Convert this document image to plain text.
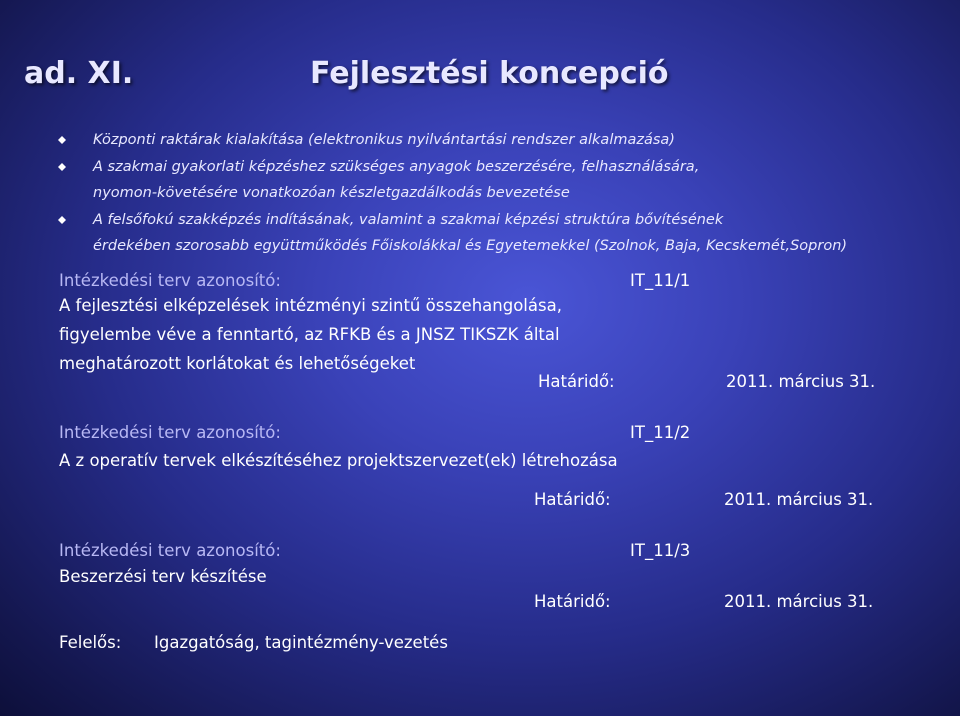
ad. XI.	Fejlesztési koncepció
Központi raktárak kialakítása (elektronikus nyilvántartási rendszer alkalmazása)
A szakmai gyakorlati képzéshez szükséges anyagok beszerzésére, felhasználására,
nyomon-követésére vonatkozóan készletgazdálkodás bevezetése
A felsőfokú szakképzés indításának, valamint a szakmai képzési struktúra bővítésének
érdekében szorosabb együttműködés Főiskolákkal és Egyetemekkel (Szolnok, Baja, Kecskemét,Sopron)
Intézkedési terv azonosító:	IT_11/1
A fejlesztési elképzelések intézményi szintű összehangolása,
figyelembe véve a fenntartó, az RFKB és a JNSZ TIKSZK által
meghatározott korlátokat és lehetőségeket
Határidő:	2011. március 31.
Intézkedési terv azonosító:	IT_11/2
A z operatív tervek elkészítéséhez projektszervezet(ek) létrehozása
Határidő:	2011. március 31.
Intézkedési terv azonosító:	IT_11/3
Beszerzési terv készítése
Határidő:	2011. március 31.
Felelős: Igazgatóság, tagintézmény-vezetés
